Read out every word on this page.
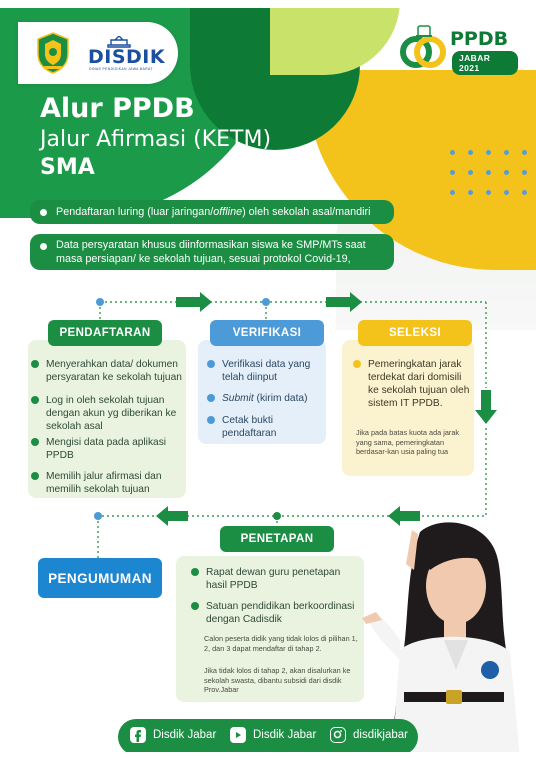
DISDIK
DINAS PENDIDIKAN JAWA BARAT
PPDB
JABAR 2021
Alur PPDB
Jalur Afirmasi (KETM)
SMA
Pendaftaran luring (luar jaringan/offline) oleh sekolah asal/mandiri
Data persyaratan khusus diinformasikan siswa ke SMP/MTs saat masa persiapan/ ke sekolah tujuan, sesuai protokol Covid-19,
PENDAFTARAN
Menyerahkan data/ dokumen persyaratan ke sekolah tujuan
Log in oleh sekolah tujuan dengan akun yg diberikan ke sekolah asal
Mengisi data pada aplikasi PPDB
Memilih jalur afirmasi dan memilih sekolah tujuan
VERIFIKASI
Verifikasi data yang telah diinput
Submit (kirim data)
Cetak bukti pendaftaran
SELEKSI
Pemeringkatan jarak terdekat dari domisili ke sekolah tujuan oleh sistem IT PPDB.
Jika pada batas kuota ada jarak yang sama, pemeringkatan berdasar-kan usia paling tua
PENGUMUMAN
PENETAPAN
Rapat dewan guru penetapan hasil PPDB
Satuan pendidikan berkoordinasi dengan Cadisdik
Calon peserta didik yang tidak lolos di pilihan 1, 2, dan 3 dapat mendaftar di tahap 2.
Jika tidak lolos di tahap 2, akan disalurkan ke sekolah swasta, dibantu subsidi dari disdik Prov.Jabar
Disdik Jabar	Disdik Jabar	disdikjabar
